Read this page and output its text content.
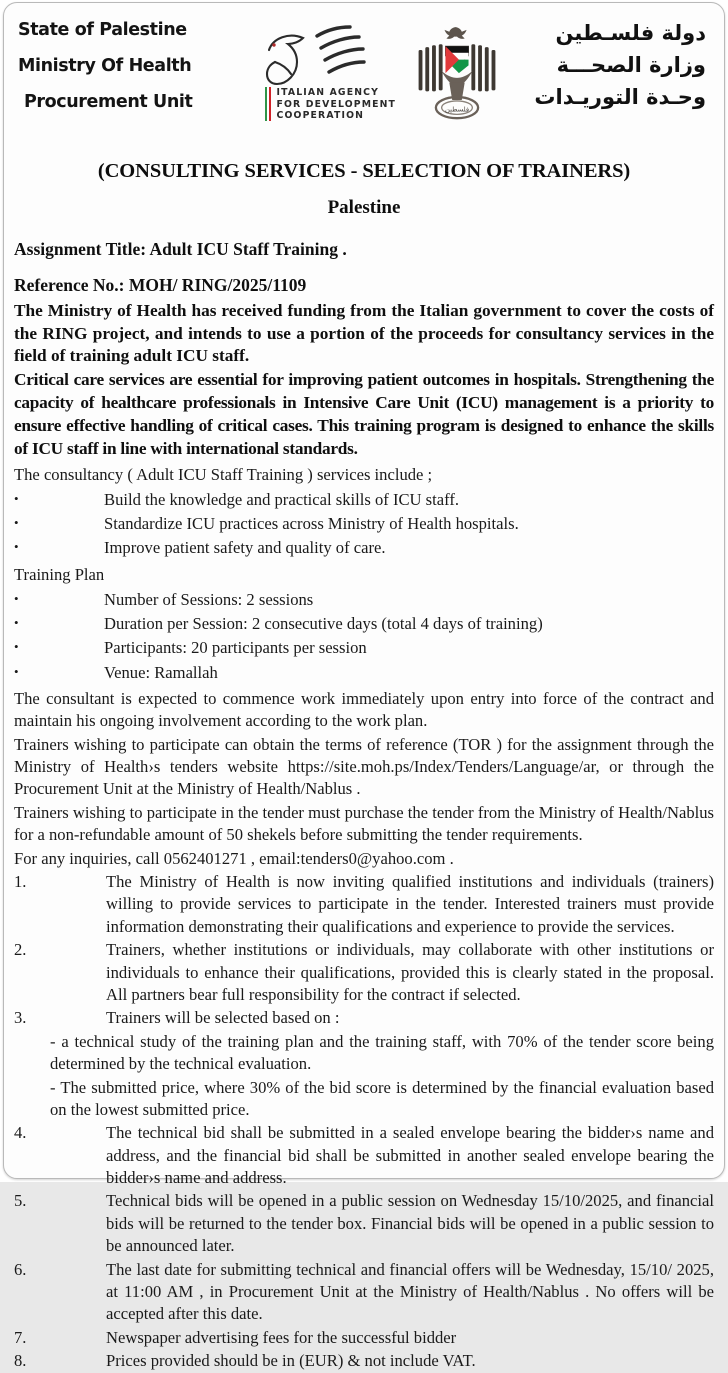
State of Palestine
Ministry Of Health
Procurement Unit	ITALIAN AGENCY
FOR DEVELOPMENT
COOPERATION
فلسطين
دولة فلسـطين
وزارة الصحـــة
وحـدة التوريـدات
(CONSULTING SERVICES - SELECTION OF TRAINERS)
Palestine
Assignment Title: Adult ICU Staff Training .
Reference No.: MOH/ RING/2025/1109
The Ministry of Health has received funding from the Italian government to cover the costs of the RING project, and intends to use a portion of the proceeds for consultancy services in the field of training adult ICU staff.
Critical care services are essential for improving patient outcomes in hospitals. Strengthening the capacity of healthcare professionals in Intensive Care Unit (ICU) management is a priority to ensure effective handling of critical cases. This training program is designed to enhance the skills of ICU staff in line with international standards.
The consultancy ( Adult ICU Staff Training ) services include ;
•	Build the knowledge and practical skills of ICU staff.
•	Standardize ICU practices across Ministry of Health hospitals.
•	Improve patient safety and quality of care.
Training Plan
•	Number of Sessions: 2 sessions
•	Duration per Session: 2 consecutive days (total 4 days of training)
•	Participants: 20 participants per session
•	Venue: Ramallah
The consultant is expected to commence work immediately upon entry into force of the contract and maintain his ongoing involvement according to the work plan.
Trainers wishing to participate can obtain the terms of reference (TOR ) for the assignment through the Ministry of Health›s tenders website https://site.moh.ps/Index/Tenders/Language/ar, or through the Procurement Unit at the Ministry of Health/Nablus .
Trainers wishing to participate in the tender must purchase the tender from the Ministry of Health/Nablus for a non-refundable amount of 50 shekels before submitting the tender requirements.
For any inquiries, call 0562401271 , email:tenders0@yahoo.com .
1.	The Ministry of Health is now inviting qualified institutions and individuals (trainers) willing to provide services to participate in the tender. Interested trainers must provide information demonstrating their qualifications and experience to provide the services.
2.	Trainers, whether institutions or individuals, may collaborate with other institutions or individuals to enhance their qualifications, provided this is clearly stated in the proposal. All partners bear full responsibility for the contract if selected.
3.	Trainers will be selected based on :
- a technical study of the training plan and the training staff, with 70% of the tender score being determined by the technical evaluation.
- The submitted price, where 30% of the bid score is determined by the financial evaluation based on the lowest submitted price.
4.	The technical bid shall be submitted in a sealed envelope bearing the bidder›s name and address, and the financial bid shall be submitted in another sealed envelope bearing the bidder›s name and address.
5.	Technical bids will be opened in a public session on Wednesday 15/10/2025, and financial bids will be returned to the tender box. Financial bids will be opened in a public session to be announced later.
6.	The last date for submitting technical and financial offers will be Wednesday, 15/10/ 2025, at 11:00 AM , in Procurement Unit at the Ministry of Health/Nablus . No offers will be accepted after this date.
7.	Newspaper advertising fees for the successful bidder
8.	Prices provided should be in (EUR) & not include VAT.
